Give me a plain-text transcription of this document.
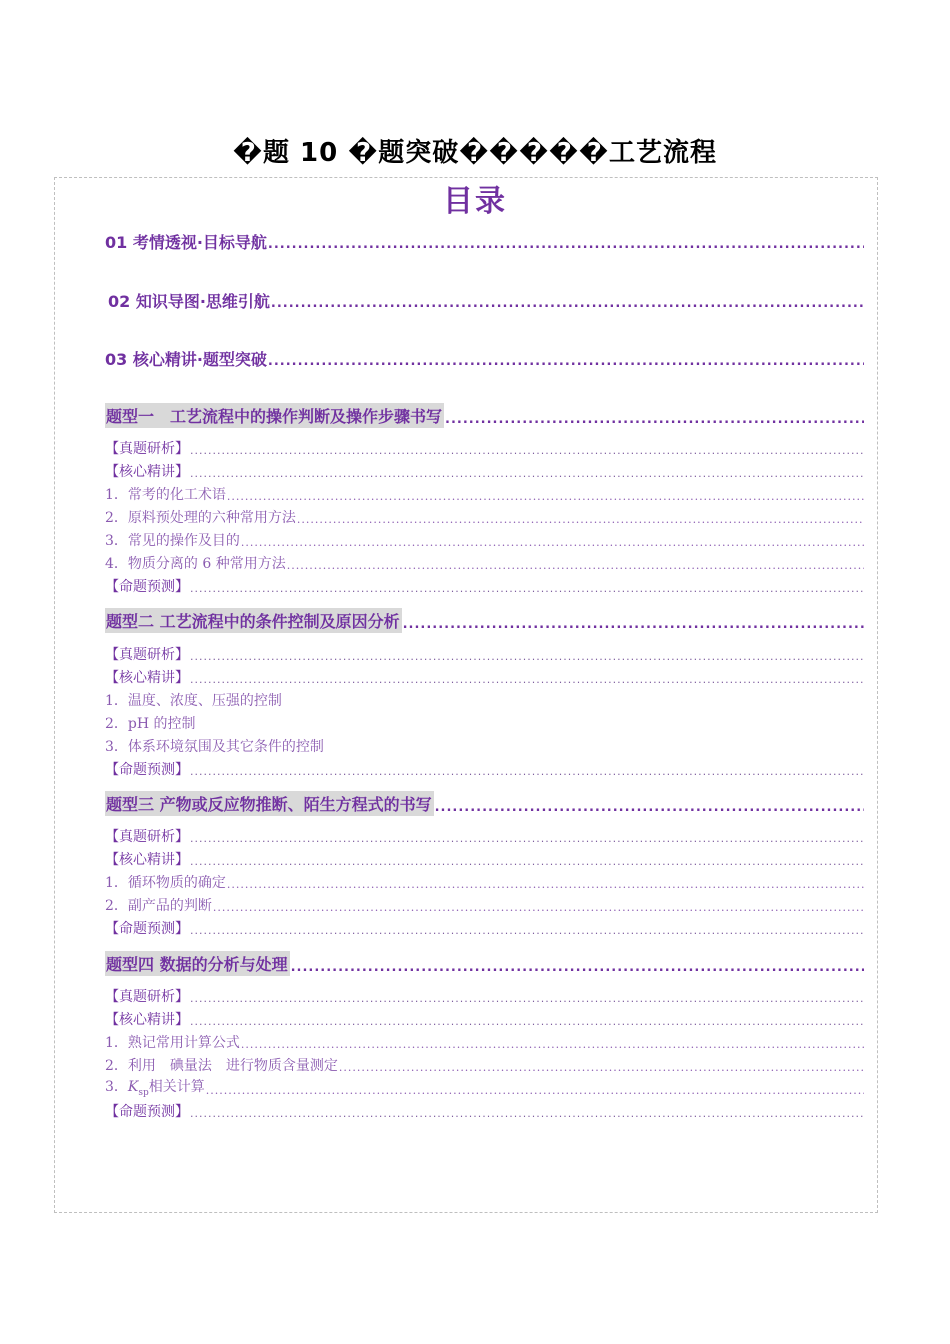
�题 10 �题突破�����工艺流程
目录
01 考情透视·目标导航
.....
02 知识导图·思维引航
.....
03 核心精讲·题型突破
.....
题型一　工艺流程中的操作判断及操作步骤书写
.....
【真题研析】
.....
【核心精讲】
.....
1．常考的化工术语
.....
2．原料预处理的六种常用方法
.....
3．常见的操作及目的
.....
4．物质分离的 6 种常用方法
.....
【命题预测】
.....
题型二 工艺流程中的条件控制及原因分析
.....
【真题研析】
.....
【核心精讲】
.....
1．温度、浓度、压强的控制
2．pH 的控制
3．体系环境氛围及其它条件的控制
【命题预测】
.....
题型三 产物或反应物推断、陌生方程式的书写
.....
【真题研析】
.....
【核心精讲】
.....
1．循环物质的确定
.....
2．副产品的判断
.....
【命题预测】
.....
题型四 数据的分析与处理
.....
【真题研析】
.....
【核心精讲】
.....
1．熟记常用计算公式
.....
2．利用　碘量法　进行物质含量测定
.....
3．$K_{sp}$相关计算
.....
【命题预测】
.....
